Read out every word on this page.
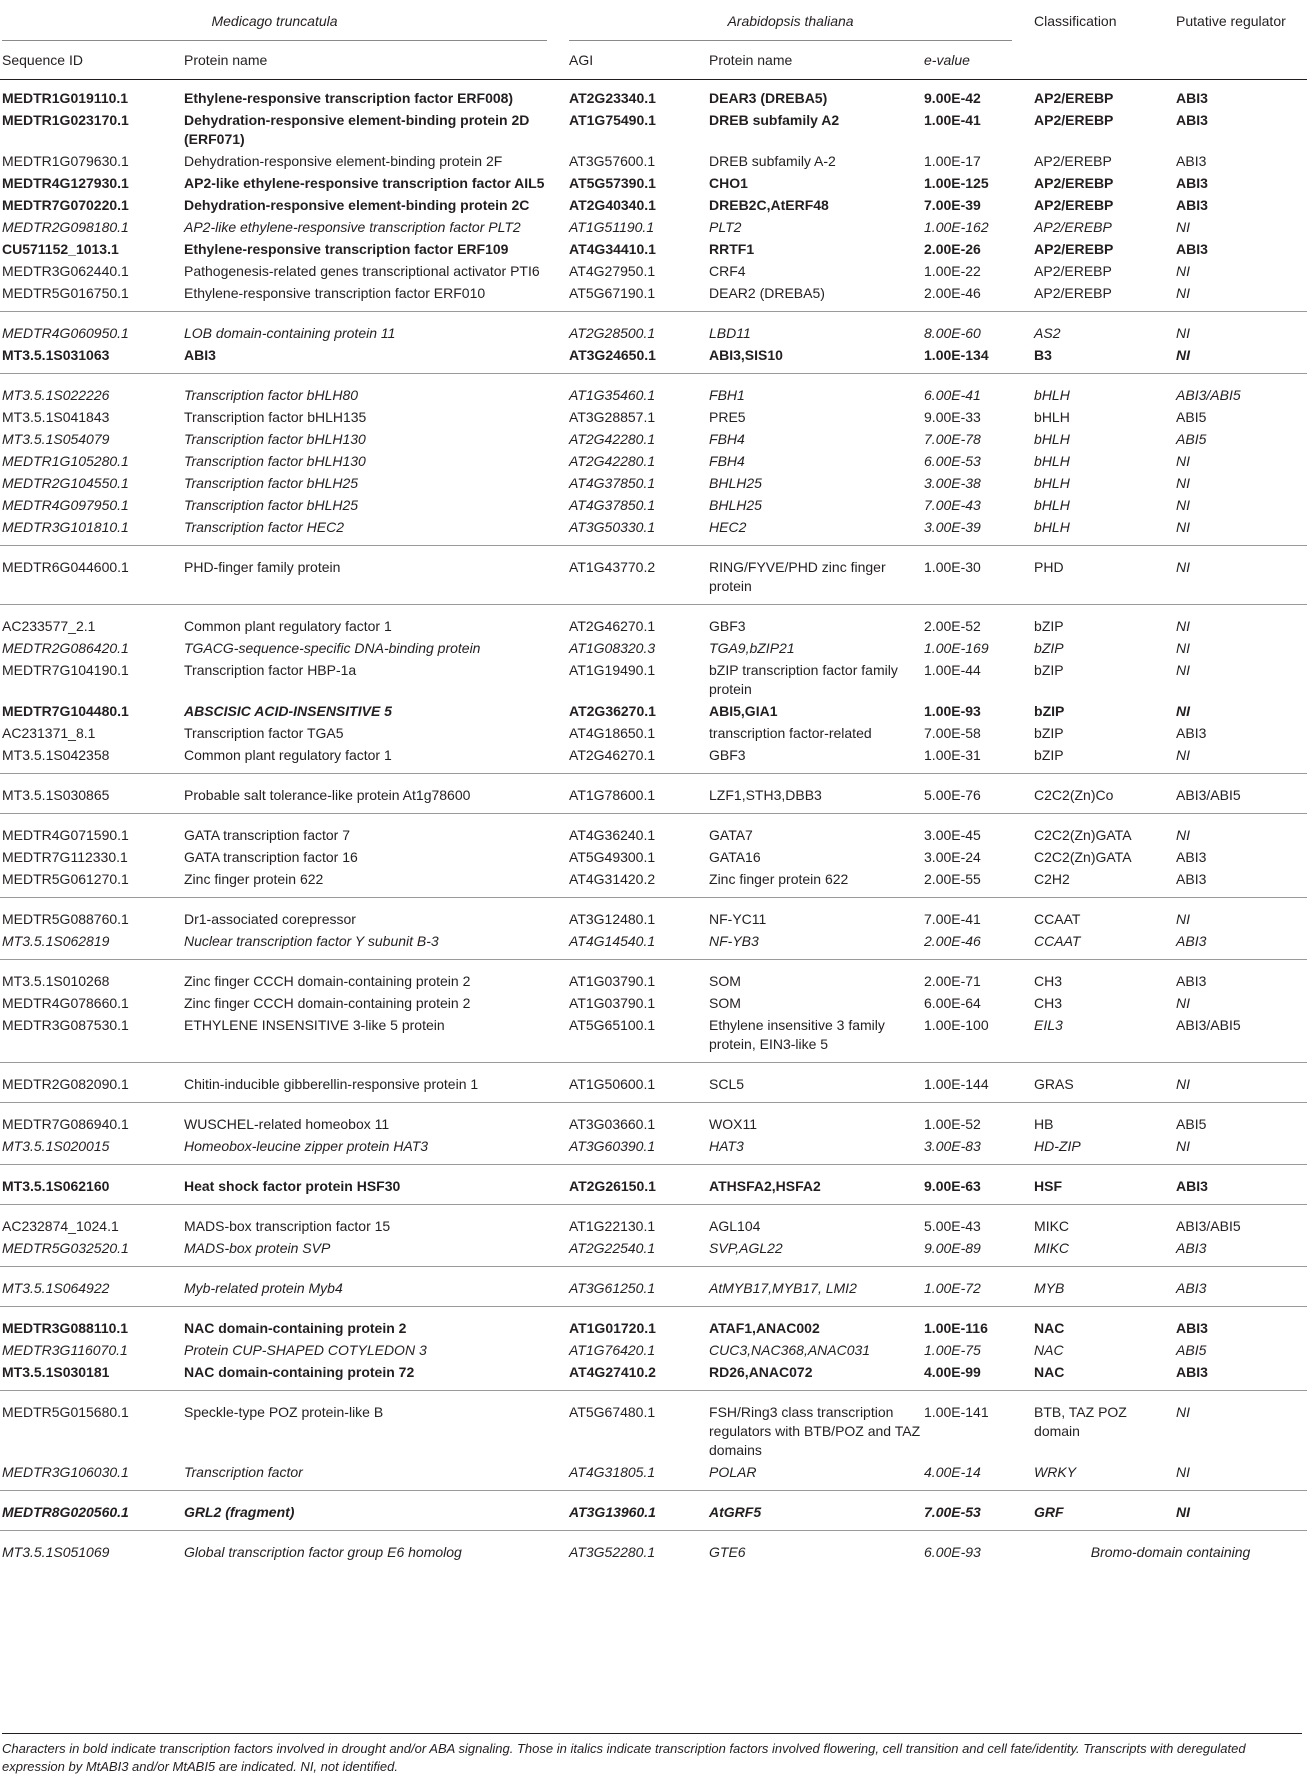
Medicago truncatula		Arabidopsis thaliana			Classification	Putative regulator
Sequence ID	Protein name	AGI	Protein name	e-value		
MEDTR1G019110.1	Ethylene-responsive transcription factor ERF008)	AT2G23340.1	DEAR3 (DREBA5)	9.00E-42	AP2/EREBP	ABI3
MEDTR1G023170.1	Dehydration-responsive element-binding protein 2D (ERF071)	AT1G75490.1	DREB subfamily A2	1.00E-41	AP2/EREBP	ABI3
MEDTR1G079630.1	Dehydration-responsive element-binding protein 2F	AT3G57600.1	DREB subfamily A-2	1.00E-17	AP2/EREBP	ABI3
MEDTR4G127930.1	AP2-like ethylene-responsive transcription factor AIL5	AT5G57390.1	CHO1	1.00E-125	AP2/EREBP	ABI3
MEDTR7G070220.1	Dehydration-responsive element-binding protein 2C	AT2G40340.1	DREB2C,AtERF48	7.00E-39	AP2/EREBP	ABI3
MEDTR2G098180.1	AP2-like ethylene-responsive transcription factor PLT2	AT1G51190.1	PLT2	1.00E-162	AP2/EREBP	NI
CU571152_1013.1	Ethylene-responsive transcription factor ERF109	AT4G34410.1	RRTF1	2.00E-26	AP2/EREBP	ABI3
MEDTR3G062440.1	Pathogenesis-related genes transcriptional activator PTI6	AT4G27950.1	CRF4	1.00E-22	AP2/EREBP	NI
MEDTR5G016750.1	Ethylene-responsive transcription factor ERF010	AT5G67190.1	DEAR2 (DREBA5)	2.00E-46	AP2/EREBP	NI
MEDTR4G060950.1	LOB domain-containing protein 11	AT2G28500.1	LBD11	8.00E-60	AS2	NI
MT3.5.1S031063	ABI3	AT3G24650.1	ABI3,SIS10	1.00E-134	B3	NI
MT3.5.1S022226	Transcription factor bHLH80	AT1G35460.1	FBH1	6.00E-41	bHLH	ABI3/ABI5
MT3.5.1S041843	Transcription factor bHLH135	AT3G28857.1	PRE5	9.00E-33	bHLH	ABI5
MT3.5.1S054079	Transcription factor bHLH130	AT2G42280.1	FBH4	7.00E-78	bHLH	ABI5
MEDTR1G105280.1	Transcription factor bHLH130	AT2G42280.1	FBH4	6.00E-53	bHLH	NI
MEDTR2G104550.1	Transcription factor bHLH25	AT4G37850.1	BHLH25	3.00E-38	bHLH	NI
MEDTR4G097950.1	Transcription factor bHLH25	AT4G37850.1	BHLH25	7.00E-43	bHLH	NI
MEDTR3G101810.1	Transcription factor HEC2	AT3G50330.1	HEC2	3.00E-39	bHLH	NI
MEDTR6G044600.1	PHD-finger family protein	AT1G43770.2	RING/FYVE/PHD zinc finger protein	1.00E-30	PHD	NI
AC233577_2.1	Common plant regulatory factor 1	AT2G46270.1	GBF3	2.00E-52	bZIP	NI
MEDTR2G086420.1	TGACG-sequence-specific DNA-binding protein	AT1G08320.3	TGA9,bZIP21	1.00E-169	bZIP	NI
MEDTR7G104190.1	Transcription factor HBP-1a	AT1G19490.1	bZIP transcription factor family protein	1.00E-44	bZIP	NI
MEDTR7G104480.1	ABSCISIC ACID-INSENSITIVE 5	AT2G36270.1	ABI5,GIA1	1.00E-93	bZIP	NI
AC231371_8.1	Transcription factor TGA5	AT4G18650.1	transcription factor-related	7.00E-58	bZIP	ABI3
MT3.5.1S042358	Common plant regulatory factor 1	AT2G46270.1	GBF3	1.00E-31	bZIP	NI
MT3.5.1S030865	Probable salt tolerance-like protein At1g78600	AT1G78600.1	LZF1,STH3,DBB3	5.00E-76	C2C2(Zn)Co	ABI3/ABI5
MEDTR4G071590.1	GATA transcription factor 7	AT4G36240.1	GATA7	3.00E-45	C2C2(Zn)GATA	NI
MEDTR7G112330.1	GATA transcription factor 16	AT5G49300.1	GATA16	3.00E-24	C2C2(Zn)GATA	ABI3
MEDTR5G061270.1	Zinc finger protein 622	AT4G31420.2	Zinc finger protein 622	2.00E-55	C2H2	ABI3
MEDTR5G088760.1	Dr1-associated corepressor	AT3G12480.1	NF-YC11	7.00E-41	CCAAT	NI
MT3.5.1S062819	Nuclear transcription factor Y subunit B-3	AT4G14540.1	NF-YB3	2.00E-46	CCAAT	ABI3
MT3.5.1S010268	Zinc finger CCCH domain-containing protein 2	AT1G03790.1	SOM	2.00E-71	CH3	ABI3
MEDTR4G078660.1	Zinc finger CCCH domain-containing protein 2	AT1G03790.1	SOM	6.00E-64	CH3	NI
MEDTR3G087530.1	ETHYLENE INSENSITIVE 3-like 5 protein	AT5G65100.1	Ethylene insensitive 3 family protein, EIN3-like 5	1.00E-100	EIL3	ABI3/ABI5
MEDTR2G082090.1	Chitin-inducible gibberellin-responsive protein 1	AT1G50600.1	SCL5	1.00E-144	GRAS	NI
MEDTR7G086940.1	WUSCHEL-related homeobox 11	AT3G03660.1	WOX11	1.00E-52	HB	ABI5
MT3.5.1S020015	Homeobox-leucine zipper protein HAT3	AT3G60390.1	HAT3	3.00E-83	HD-ZIP	NI
MT3.5.1S062160	Heat shock factor protein HSF30	AT2G26150.1	ATHSFA2,HSFA2	9.00E-63	HSF	ABI3
AC232874_1024.1	MADS-box transcription factor 15	AT1G22130.1	AGL104	5.00E-43	MIKC	ABI3/ABI5
MEDTR5G032520.1	MADS-box protein SVP	AT2G22540.1	SVP,AGL22	9.00E-89	MIKC	ABI3
MT3.5.1S064922	Myb-related protein Myb4	AT3G61250.1	AtMYB17,MYB17, LMI2	1.00E-72	MYB	ABI3
MEDTR3G088110.1	NAC domain-containing protein 2	AT1G01720.1	ATAF1,ANAC002	1.00E-116	NAC	ABI3
MEDTR3G116070.1	Protein CUP-SHAPED COTYLEDON 3	AT1G76420.1	CUC3,NAC368,ANAC031	1.00E-75	NAC	ABI5
MT3.5.1S030181	NAC domain-containing protein 72	AT4G27410.2	RD26,ANAC072	4.00E-99	NAC	ABI3
MEDTR5G015680.1	Speckle-type POZ protein-like B	AT5G67480.1	FSH/Ring3 class transcription regulators with BTB/POZ and TAZ domains	1.00E-141	BTB, TAZ POZ domain	NI
MEDTR3G106030.1	Transcription factor	AT4G31805.1	POLAR	4.00E-14	WRKY	NI
MEDTR8G020560.1	GRL2 (fragment)	AT3G13960.1	AtGRF5	7.00E-53	GRF	NI
MT3.5.1S051069	Global transcription factor group E6 homolog	AT3G52280.1	GTE6	6.00E-93	Bromo-domain containing	
Characters in bold indicate transcription factors involved in drought and/or ABA signaling. Those in italics indicate transcription factors involved flowering, cell transition and cell fate/identity. Transcripts with deregulated expression by MtABI3 and/or MtABI5 are indicated. NI, not identified.
